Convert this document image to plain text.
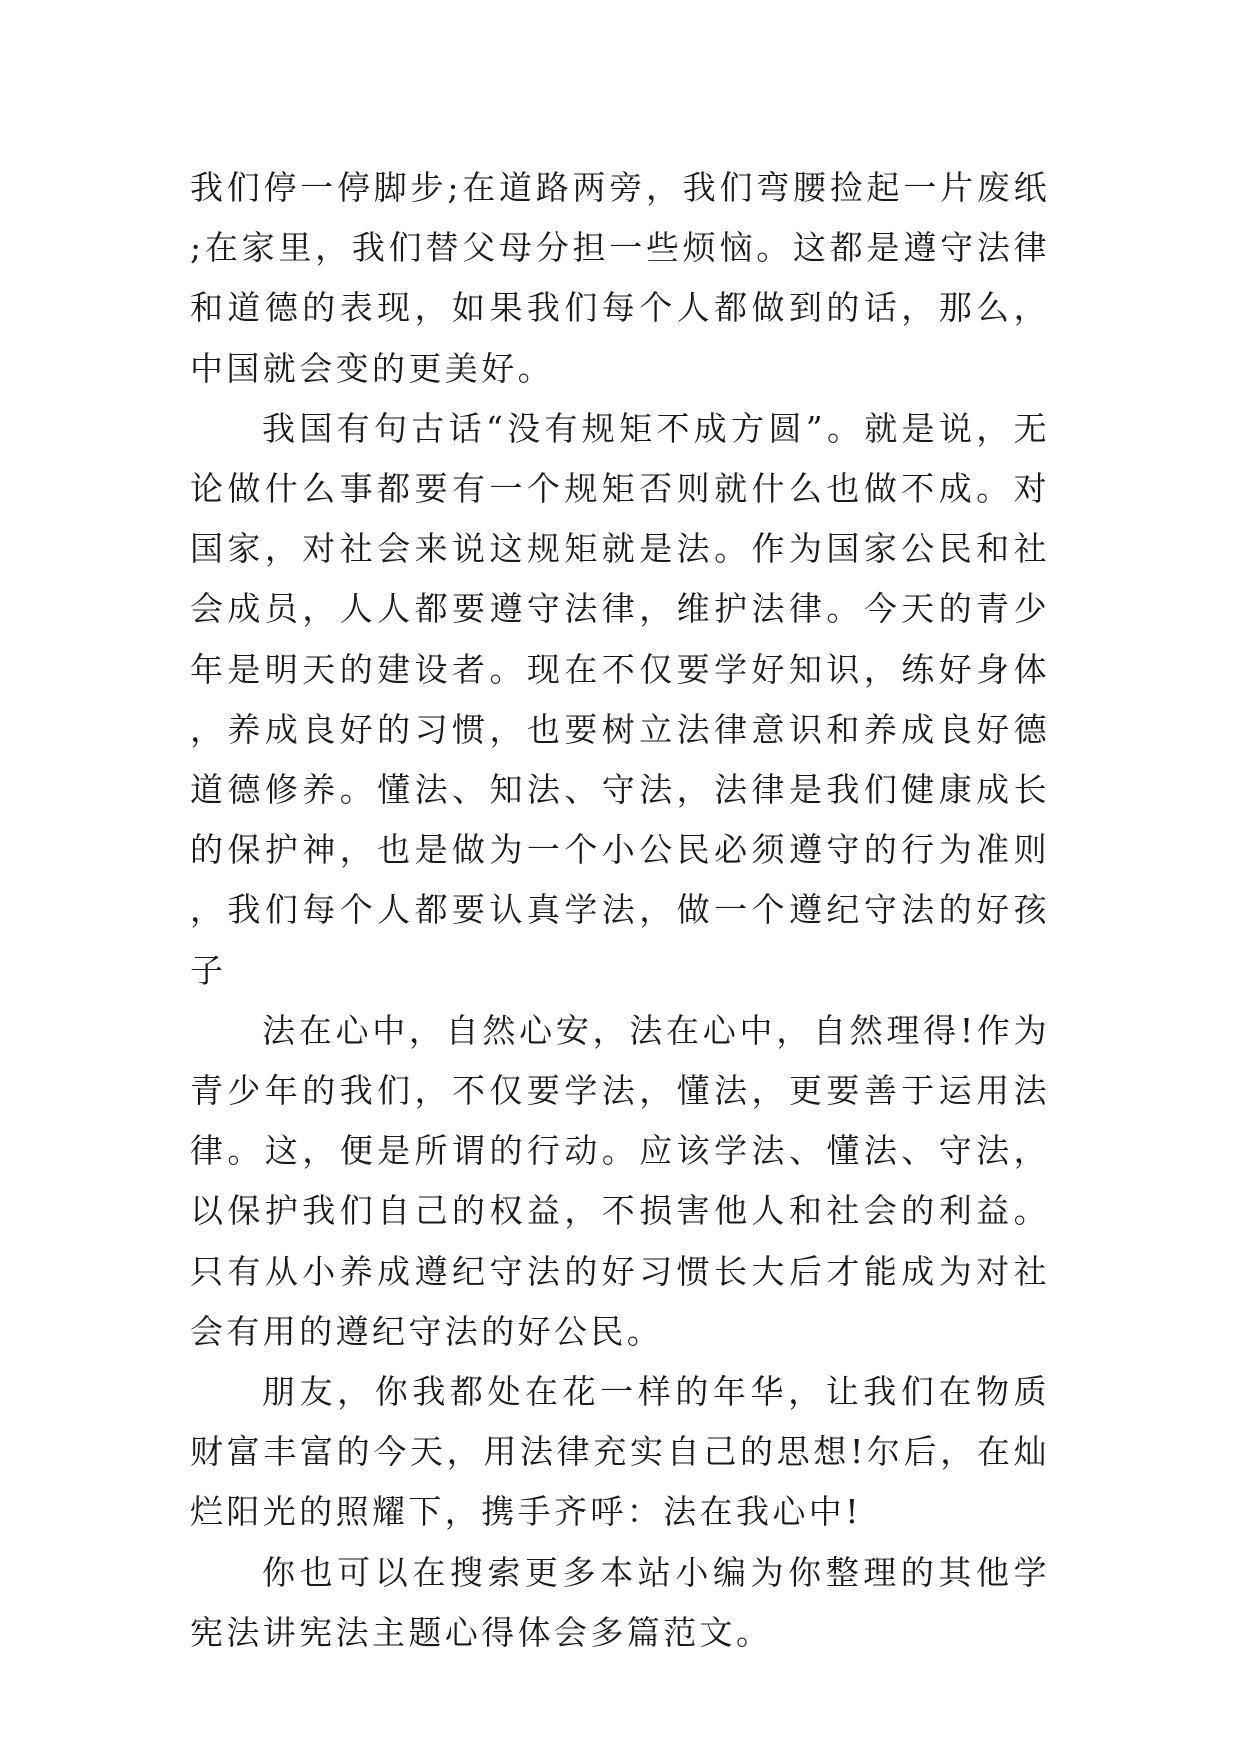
我们停一停脚步;在道路两旁，我们弯腰捡起一片废纸;在家里，我们替父母分担一些烦恼。这都是遵守法律和道德的表现，如果我们每个人都做到的话，那么，中国就会变的更美好。

我国有句古话“没有规矩不成方圆”。就是说，无论做什么事都要有一个规矩否则就什么也做不成。对国家，对社会来说这规矩就是法。作为国家公民和社会成员，人人都要遵守法律，维护法律。今天的青少年是明天的建设者。现在不仅要学好知识，练好身体，养成良好的习惯，也要树立法律意识和养成良好德道德修养。懂法、知法、守法，法律是我们健康成长的保护神，也是做为一个小公民必须遵守的行为准则，我们每个人都要认真学法，做一个遵纪守法的好孩子

法在心中，自然心安，法在心中，自然理得!作为青少年的我们，不仅要学法，懂法，更要善于运用法律。这，便是所谓的行动。应该学法、懂法、守法，以保护我们自己的权益，不损害他人和社会的利益。只有从小养成遵纪守法的好习惯长大后才能成为对社会有用的遵纪守法的好公民。

朋友，你我都处在花一样的年华，让我们在物质财富丰富的今天，用法律充实自己的思想!尔后，在灿烂阳光的照耀下，携手齐呼：法在我心中!

你也可以在搜索更多本站小编为你整理的其他学宪法讲宪法主题心得体会多篇范文。
